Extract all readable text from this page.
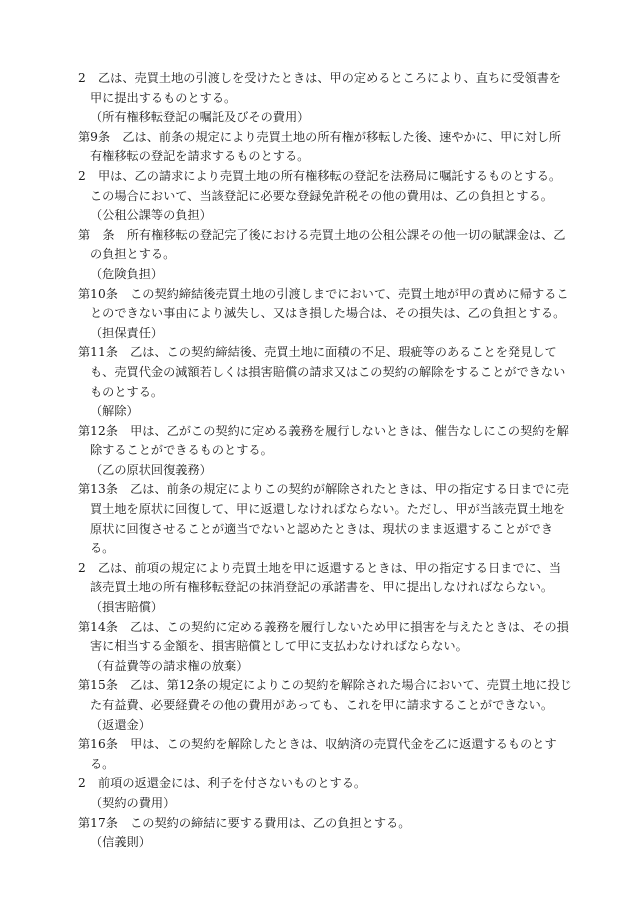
2　 乙は、売買土地の引渡しを受けたときは、甲の定めるところにより、直ちに受領書を甲に提出するものとする。
（所有権移転登記の嘱託及びその費用）
第9条　 乙は、前条の規定により売買土地の所有権が移転した後、速やかに、甲に対し所有権移転の登記を請求するものとする。
2　 甲は、乙の請求により売買土地の所有権移転の登記を法務局に嘱託するものとする。この場合において、当該登記に必要な登録免許税その他の費用は、乙の負担とする。
（公租公課等の負担）
第　条　 所有権移転の登記完了後における売買土地の公租公課その他一切の賦課金は、乙の負担とする。
（危険負担）
第10条　 この契約締結後売買土地の引渡しまでにおいて、売買土地が甲の責めに帰することのできない事由により滅失し、又はき損した場合は、その損失は、乙の負担とする。
（担保責任）
第11条　 乙は、この契約締結後、売買土地に面積の不足、瑕疵等のあることを発見しても、売買代金の減額若しくは損害賠償の請求又はこの契約の解除をすることができないものとする。
（解除）
第12条　 甲は、乙がこの契約に定める義務を履行しないときは、催告なしにこの契約を解除することができるものとする。
（乙の原状回復義務）
第13条　 乙は、前条の規定によりこの契約が解除されたときは、甲の指定する日までに売買土地を原状に回復して、甲に返還しなければならない。ただし、甲が当該売買土地を原状に回復させることが適当でないと認めたときは、現状のまま返還することができる。
2　 乙は、前項の規定により売買土地を甲に返還するときは、甲の指定する日までに、当該売買土地の所有権移転登記の抹消登記の承諾書を、甲に提出しなければならない。
（損害賠償）
第14条　 乙は、この契約に定める義務を履行しないため甲に損害を与えたときは、その損害に相当する金額を、損害賠償として甲に支払わなければならない。
（有益費等の請求権の放棄）
第15条　 乙は、第12条の規定によりこの契約を解除された場合において、売買土地に投じた有益費、必要経費その他の費用があっても、これを甲に請求することができない。
（返還金）
第16条　 甲は、この契約を解除したときは、収納済の売買代金を乙に返還するものとする。
2　 前項の返還金には、利子を付さないものとする。
（契約の費用）
第17条　 この契約の締結に要する費用は、乙の負担とする。
（信義則）
